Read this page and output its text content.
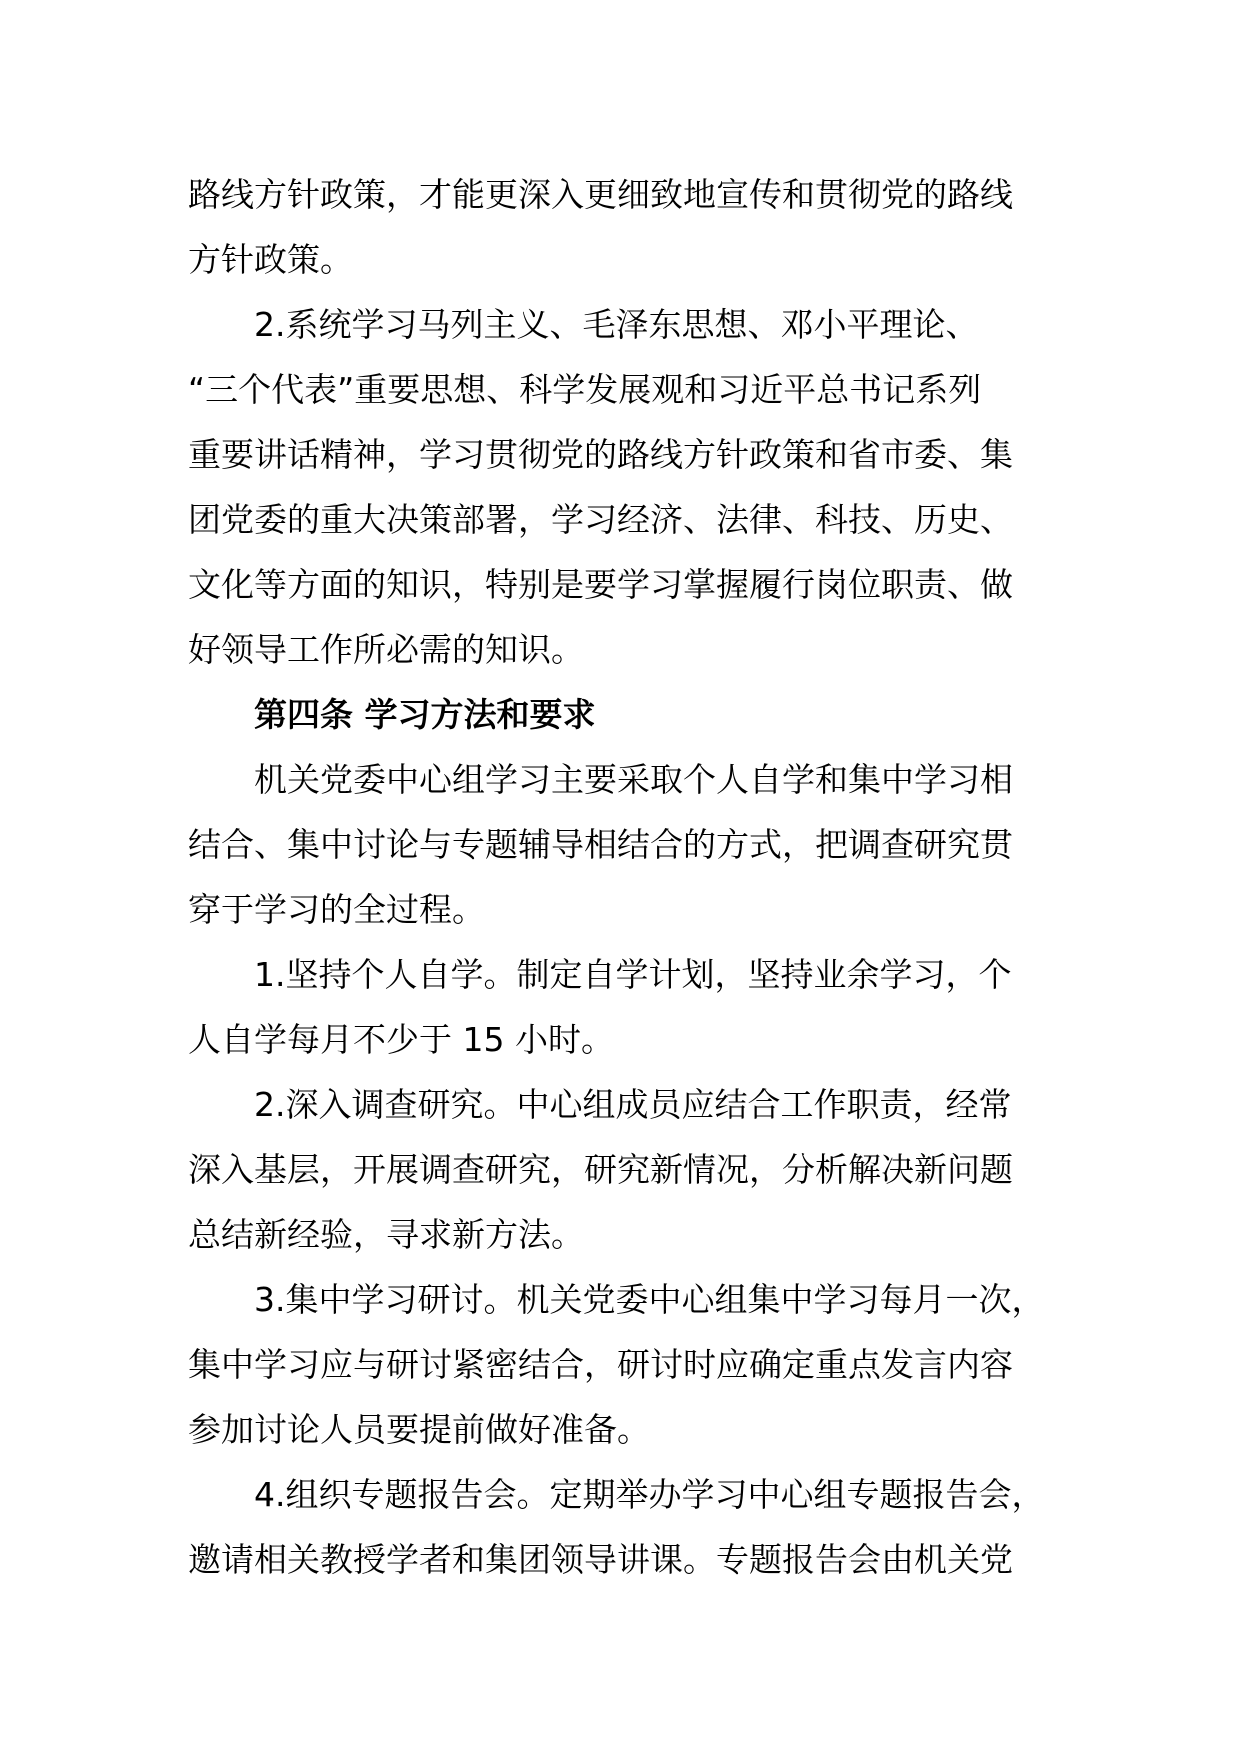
路线方针政策，才能更深入更细致地宣传和贯彻党的路线
方针政策。
2.系统学习马列主义、毛泽东思想、邓小平理论、
“三个代表”重要思想、科学发展观和习近平总书记系列
重要讲话精神，学习贯彻党的路线方针政策和省市委、集
团党委的重大决策部署，学习经济、法律、科技、历史、
文化等方面的知识，特别是要学习掌握履行岗位职责、做
好领导工作所必需的知识。
第四条 学习方法和要求
机关党委中心组学习主要采取个人自学和集中学习相
结合、集中讨论与专题辅导相结合的方式，把调查研究贯
穿于学习的全过程。
1.坚持个人自学。制定自学计划，坚持业余学习，个
人自学每月不少于 15 小时。
2.深入调查研究。中心组成员应结合工作职责，经常
深入基层，开展调查研究，研究新情况，分析解决新问题
总结新经验，寻求新方法。
3.集中学习研讨。机关党委中心组集中学习每月一次，
集中学习应与研讨紧密结合，研讨时应确定重点发言内容
参加讨论人员要提前做好准备。
4.组织专题报告会。定期举办学习中心组专题报告会，
邀请相关教授学者和集团领导讲课。专题报告会由机关党
